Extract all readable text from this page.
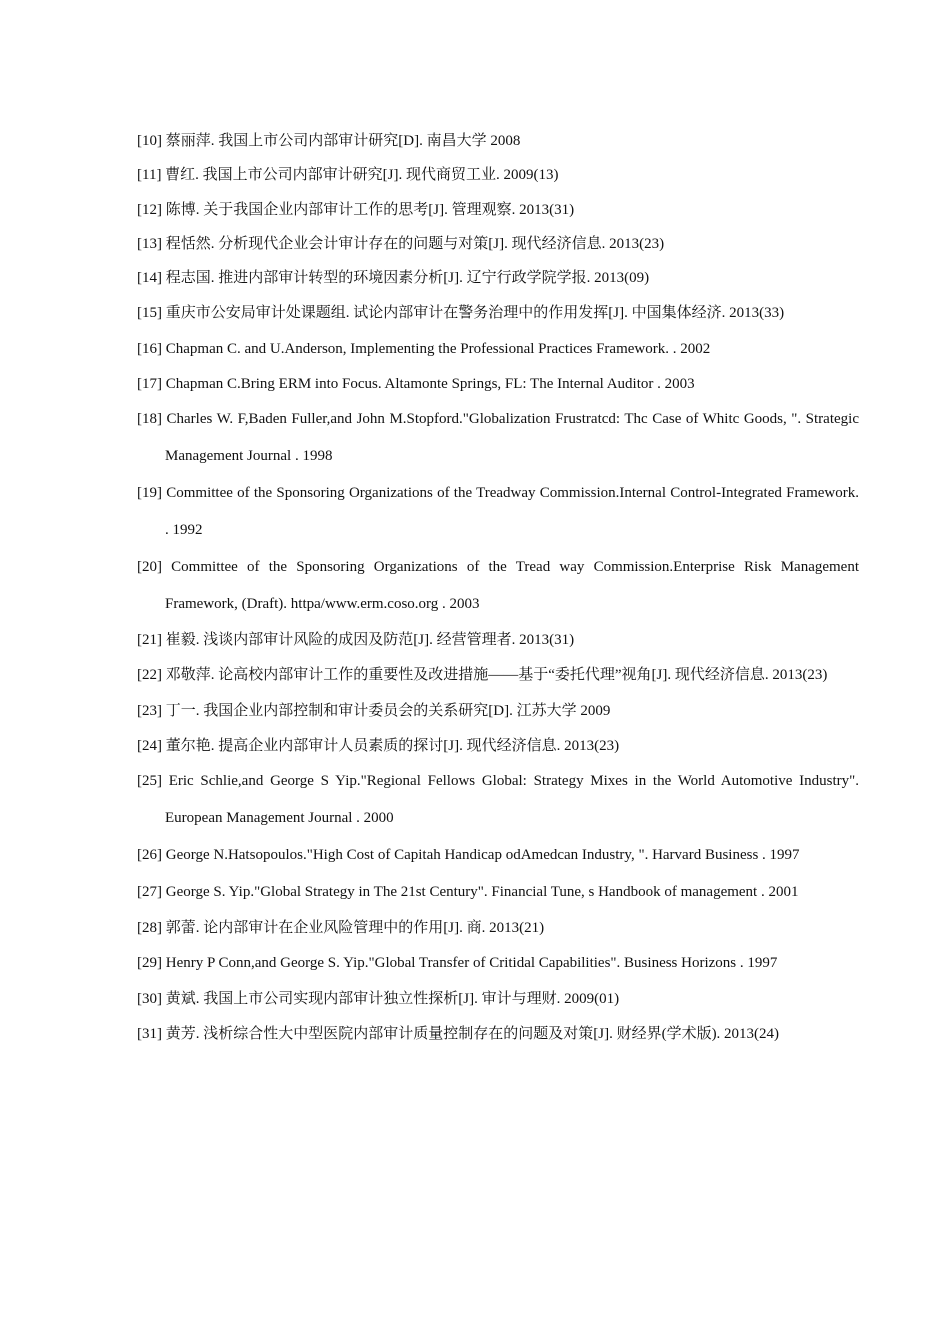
[10] 蔡丽萍. 我国上市公司内部审计研究[D]. 南昌大学 2008
[11] 曹红. 我国上市公司内部审计研究[J]. 现代商贸工业. 2009(13)
[12] 陈博. 关于我国企业内部审计工作的思考[J]. 管理观察. 2013(31)
[13] 程恬然. 分析现代企业会计审计存在的问题与对策[J]. 现代经济信息. 2013(23)
[14] 程志国. 推进内部审计转型的环境因素分析[J]. 辽宁行政学院学报. 2013(09)
[15] 重庆市公安局审计处课题组. 试论内部审计在警务治理中的作用发挥[J]. 中国集体经济. 2013(33)
[16] Chapman C. and U.Anderson, Implementing the Professional Practices Framework. . 2002
[17] Chapman C.Bring ERM into Focus. Altamonte Springs, FL: The Internal Auditor . 2003
[18] Charles W. F,Baden Fuller,and John M.Stopford."Globalization Frustratcd: Thc Case of Whitc Goods, ". Strategic Management Journal . 1998
[19] Committee of the Sponsoring Organizations of the Treadway Commission.Internal Control-Integrated Framework. . 1992
[20] Committee of the Sponsoring Organizations of the Tread way Commission.Enterprise Risk Management Framework, (Draft). httpa/www.erm.coso.org . 2003
[21] 崔毅. 浅谈内部审计风险的成因及防范[J]. 经营管理者. 2013(31)
[22] 邓敬萍. 论高校内部审计工作的重要性及改进措施——基于“委托代理”视角[J]. 现代经济信息. 2013(23)
[23] 丁一. 我国企业内部控制和审计委员会的关系研究[D]. 江苏大学 2009
[24] 董尔艳. 提高企业内部审计人员素质的探讨[J]. 现代经济信息. 2013(23)
[25] Eric Schlie,and George S Yip."Regional Fellows Global: Strategy Mixes in the World Automotive Industry". European Management Journal . 2000
[26] George N.Hatsopoulos."High Cost of Capitah Handicap odAmedcan Industry, ". Harvard Business . 1997
[27] George S. Yip."Global Strategy in The 21st Century". Financial Tune, s Handbook of management . 2001
[28] 郭蕾. 论内部审计在企业风险管理中的作用[J]. 商. 2013(21)
[29] Henry P Conn,and George S. Yip."Global Transfer of Critidal Capabilities". Business Horizons . 1997
[30] 黄斌. 我国上市公司实现内部审计独立性探析[J]. 审计与理财. 2009(01)
[31] 黄芳. 浅析综合性大中型医院内部审计质量控制存在的问题及对策[J]. 财经界(学术版). 2013(24)
